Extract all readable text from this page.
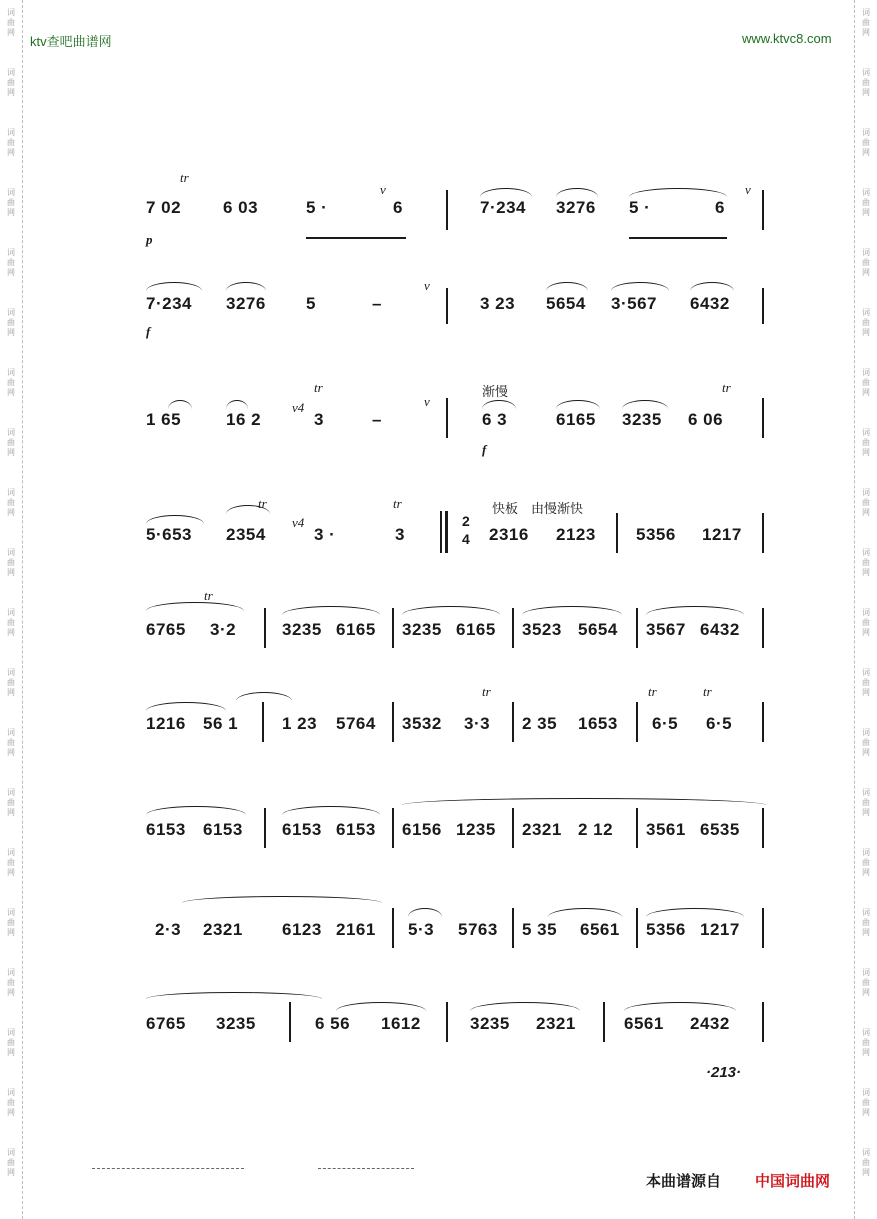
ktv查吧曲谱网	www.ktvc8.com
tr
7 02 6 03	5 ·	6
v
7·234 3276 5 ·	6
v
p
7·234 3276 5	–
v
3 23 5654 3·567 6432
f
渐慢
tr	tr
1 65	16 2
v4
3	–
v
6 3	6165 3235 6 06
f
快板　由慢渐快
tr	tr
5·653 2354
v4
3 ·	3
2
4 2316 2123 5356 1217
tr
6765 3·2	3235 6165 3235 6165 3523 5654 3567 6432
tr	tr	tr
1216 56 1	1 23 5764 3532 3·3 2 35 1653 6·5 6·5
6153 6153 6153 6153 6156 1235 2321 2 12 3561 6535
2·3 2321 6123 2161 5·3 5763 5 35 6561 5356 1217
6765 3235	6 56 1612	3235 2321	6561 2432
·213·
本曲谱源自 中国词曲网
词
曲
网
词
曲
网
词
曲
网
词
曲
网
词
曲
网
词
曲
网
词
曲
网
词
曲
网
词
曲
网
词
曲
网
词
曲
网
词
曲
网
词
曲
网
词
曲
网
词
曲
网
词
曲
网
词
曲
网
词
曲
网
词
曲
网
词
曲
网
词
曲
网
词
曲
网
词
曲
网
词
曲
网
词
曲
网
词
曲
网
词
曲
网
词
曲
网
词
曲
网
词
曲
网
词
曲
网
词
曲
网
词
曲
网
词
曲
网
词
曲
网
词
曲
网
词
曲
网
词
曲
网
词
曲
网
词
曲
网
